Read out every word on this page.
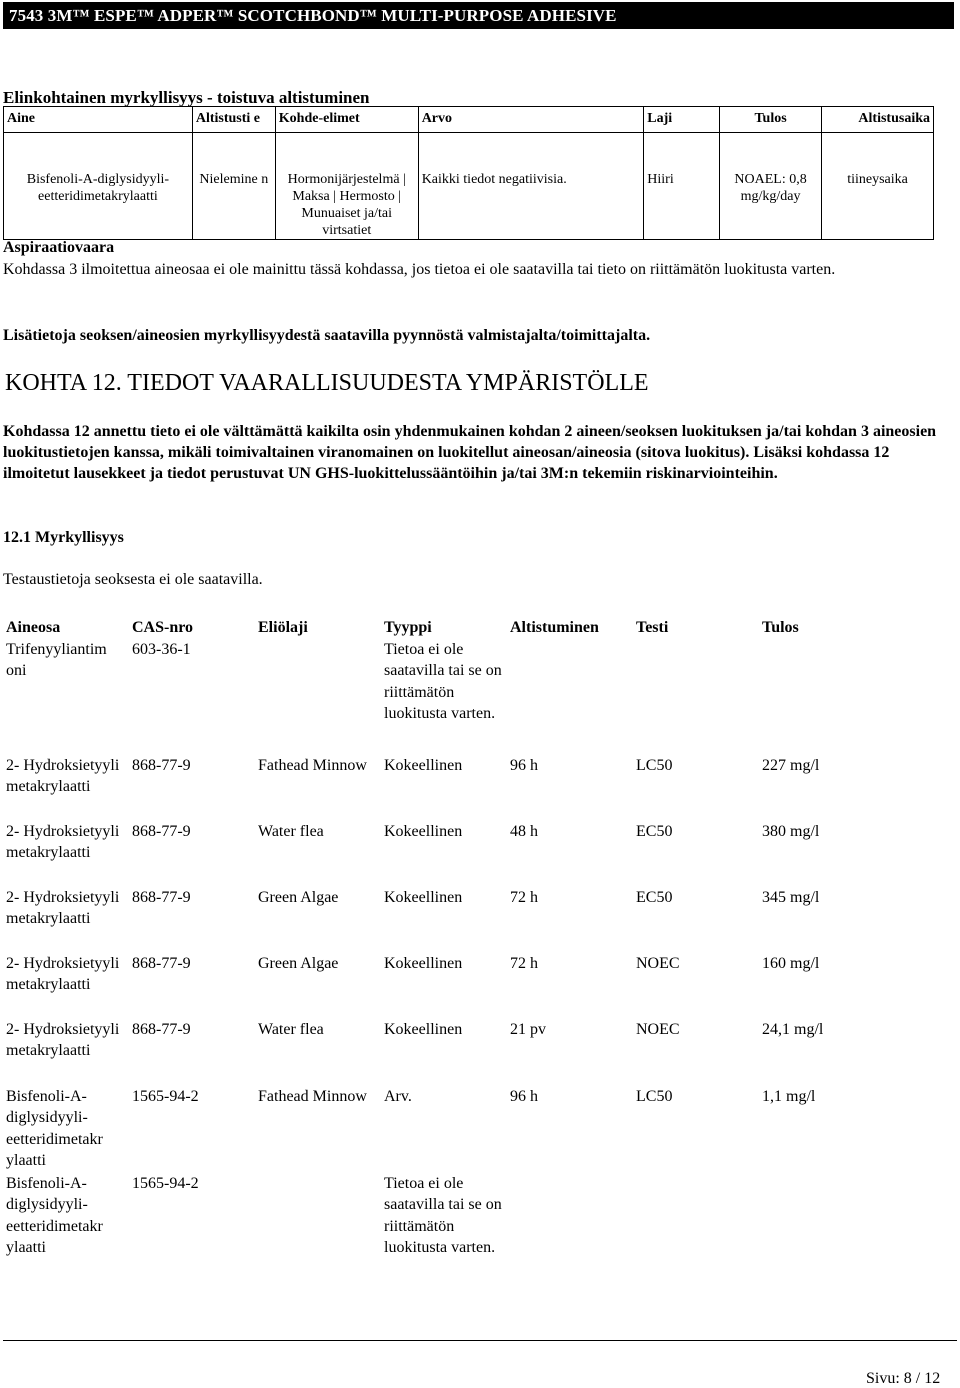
7543 3M™ ESPE™ ADPER™ SCOTCHBOND™ MULTI-PURPOSE ADHESIVE
Elinkohtainen myrkyllisyys - toistuva altistuminen
Aine	Altistusti e	Kohde-elimet	Arvo	Laji	Tulos	Altistusaika
Bisfenoli-A-diglysidyyli-eetteridimetakrylaatti	Nielemine n	Hormonijärjestelmä | Maksa | Hermosto | Munuaiset ja/tai virtsatiet	Kaikki tiedot negatiivisia.	Hiiri	NOAEL: 0,8 mg/kg/day	tiineysaika
Aspiraatiovaara
Kohdassa 3 ilmoitettua aineosaa ei ole mainittu tässä kohdassa, jos tietoa ei ole saatavilla tai tieto on riittämätön luokitusta varten.
Lisätietoja seoksen/aineosien myrkyllisyydestä saatavilla pyynnöstä valmistajalta/toimittajalta.
KOHTA 12. TIEDOT VAARALLISUUDESTA YMPÄRISTÖLLE
Kohdassa 12 annettu tieto ei ole välttämättä kaikilta osin yhdenmukainen kohdan 2 aineen/seoksen luokituksen ja/tai kohdan 3 aineosien luokitustietojen kanssa, mikäli toimivaltainen viranomainen on luokitellut aineosan/aineosia (sitova luokitus). Lisäksi kohdassa 12 ilmoitetut lausekkeet ja tiedot perustuvat UN GHS-luokittelussääntöihin ja/tai 3M:n tekemiin riskinarviointeihin.
12.1 Myrkyllisyys
Testaustietoja seoksesta ei ole saatavilla.
Aineosa	CAS-nro	Eliölaji	Tyyppi	Altistuminen	Testi	Tulos
Trifenyyliantim oni	603-36-1		Tietoa ei ole saatavilla tai se on riittämätön luokitusta varten.			
2- Hydroksietyyli metakrylaatti	868-77-9	Fathead Minnow	Kokeellinen	96 h	LC50	227 mg/l
2- Hydroksietyyli metakrylaatti	868-77-9	Water flea	Kokeellinen	48 h	EC50	380 mg/l
2- Hydroksietyyli metakrylaatti	868-77-9	Green Algae	Kokeellinen	72 h	EC50	345 mg/l
2- Hydroksietyyli metakrylaatti	868-77-9	Green Algae	Kokeellinen	72 h	NOEC	160 mg/l
2- Hydroksietyyli metakrylaatti	868-77-9	Water flea	Kokeellinen	21 pv	NOEC	24,1 mg/l
Bisfenoli-A- diglysidyyli- eetteridimetakr ylaatti	1565-94-2	Fathead Minnow	Arv.	96 h	LC50	1,1 mg/l
Bisfenoli-A- diglysidyyli- eetteridimetakr ylaatti	1565-94-2		Tietoa ei ole saatavilla tai se on riittämätön luokitusta varten.			
Sivu: 8 / 12
